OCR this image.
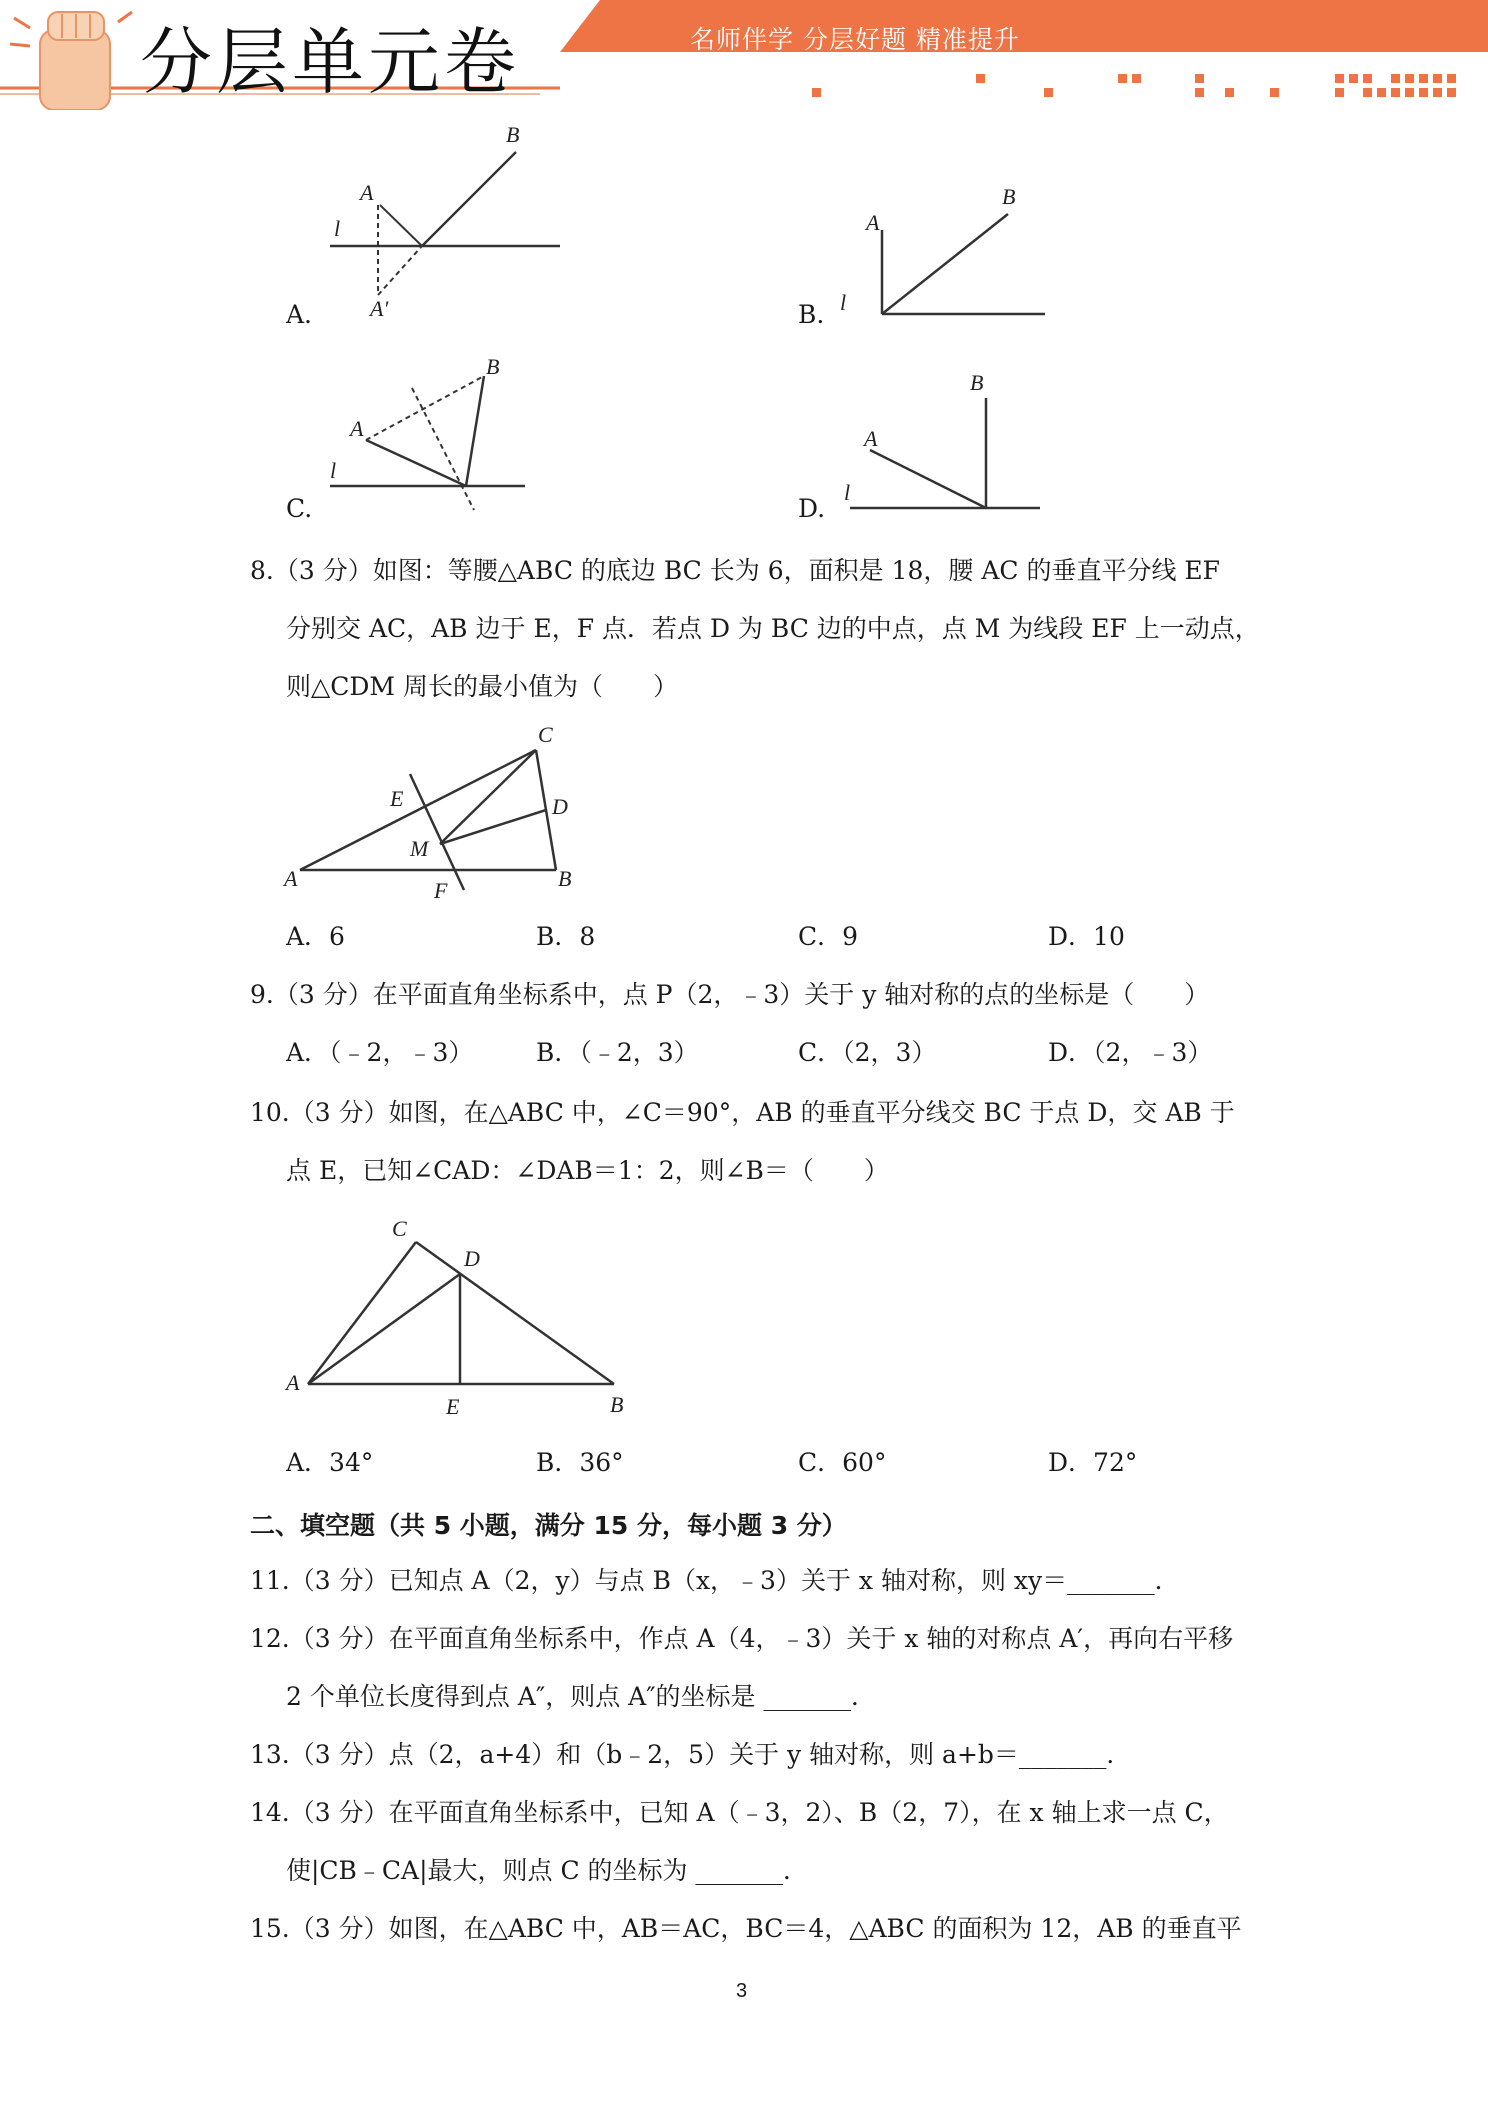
分层单元卷	名师伴学 分层好题 精准提升
A.
A
B
l
A′	B.
A
B
l
C.
A
B
l
D.
A
B
l
8.（3 分）如图：等腰△ABC 的底边 BC 长为 6，面积是 18，腰 AC 的垂直平分线 EF
分别交 AC，AB 边于 E，F 点．若点 D 为 BC 边的中点，点 M 为线段 EF 上一动点，
则△CDM 周长的最小值为（　　）
A
C
D
E
M
F	B
A．6	B．8	C．9	D．10
9.（3 分）在平面直角坐标系中，点 P（2，﹣3）关于 y 轴对称的点的坐标是（　　）
A．（﹣2，﹣3）	B．（﹣2，3）	C．（2，3）	D．（2，﹣3）
10.（3 分）如图，在△ABC 中，∠C＝90°，AB 的垂直平分线交 BC 于点 D，交 AB 于
点 E，已知∠CAD：∠DAB＝1：2，则∠B＝（　　）
A
C
D
E	B
A．34°	B．36°	C．60°	D．72°
二、填空题（共 5 小题，满分 15 分，每小题 3 分）
11.（3 分）已知点 A（2，y）与点 B（x，﹣3）关于 x 轴对称，则 xy＝_______．
12.（3 分）在平面直角坐标系中，作点 A（4，﹣3）关于 x 轴的对称点 A′，再向右平移
2 个单位长度得到点 A″，则点 A″的坐标是 _______．
13.（3 分）点（2，a+4）和（b﹣2，5）关于 y 轴对称，则 a+b＝_______．
14.（3 分）在平面直角坐标系中，已知 A（﹣3，2）、B（2，7），在 x 轴上求一点 C，
使|CB﹣CA|最大，则点 C 的坐标为 _______．
15.（3 分）如图，在△ABC 中，AB＝AC，BC＝4，△ABC 的面积为 12，AB 的垂直平
3
